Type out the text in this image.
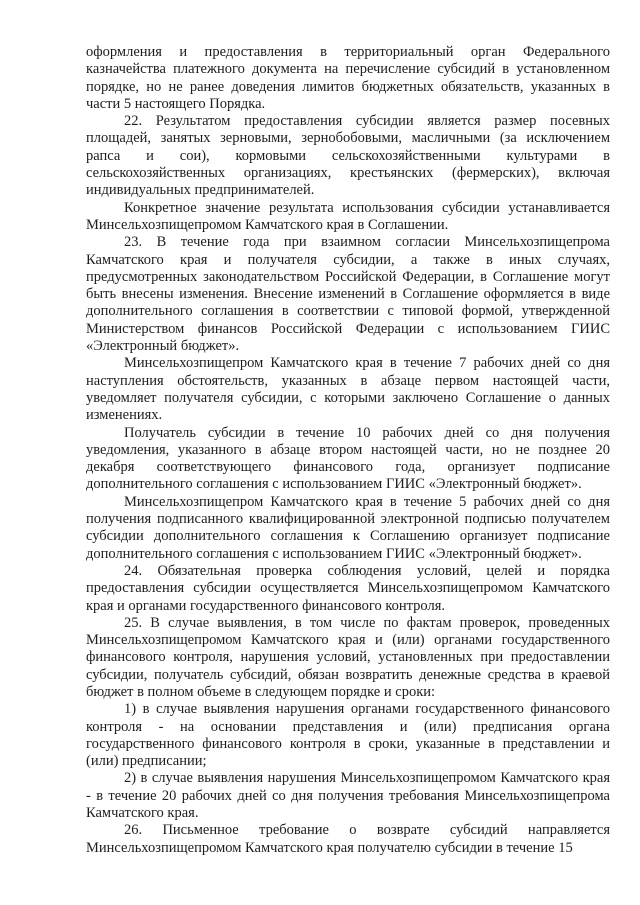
оформления и предоставления в территориальный орган Федерального казначейства платежного документа на перечисление субсидий в установленном порядке, но не ранее доведения лимитов бюджетных обязательств, указанных в части 5 настоящего Порядка.

22. Результатом предоставления субсидии является размер посевных площадей, занятых зерновыми, зернобобовыми, масличными (за исключением рапса и сои), кормовыми сельскохозяйственными культурами в сельскохозяйственных организациях, крестьянских (фермерских), включая индивидуальных предпринимателей.

Конкретное значение результата использования субсидии устанавливается Минсельхозпищепромом Камчатского края в Соглашении.

23. В течение года при взаимном согласии Минсельхозпищепрома Камчатского края и получателя субсидии, а также в иных случаях, предусмотренных законодательством Российской Федерации, в Соглашение могут быть внесены изменения. Внесение изменений в Соглашение оформляется в виде дополнительного соглашения в соответствии с типовой формой, утвержденной Министерством финансов Российской Федерации с использованием ГИИС «Электронный бюджет».

Минсельхозпищепром Камчатского края в течение 7 рабочих дней со дня наступления обстоятельств, указанных в абзаце первом настоящей части, уведомляет получателя субсидии, с которыми заключено Соглашение о данных изменениях.

Получатель субсидии в течение 10 рабочих дней со дня получения уведомления, указанного в абзаце втором настоящей части, но не позднее 20 декабря соответствующего финансового года, организует подписание дополнительного соглашения с использованием ГИИС «Электронный бюджет».

Минсельхозпищепром Камчатского края в течение 5 рабочих дней со дня получения подписанного квалифицированной электронной подписью получателем субсидии дополнительного соглашения к Соглашению организует подписание дополнительного соглашения с использованием ГИИС «Электронный бюджет».

24. Обязательная проверка соблюдения условий, целей и порядка предоставления субсидии осуществляется Минсельхозпищепромом Камчатского края и органами государственного финансового контроля.

25. В случае выявления, в том числе по фактам проверок, проведенных Минсельхозпищепромом Камчатского края и (или) органами государственного финансового контроля, нарушения условий, установленных при предоставлении субсидии, получатель субсидий, обязан возвратить денежные средства в краевой бюджет в полном объеме в следующем порядке и сроки:

1) в случае выявления нарушения органами государственного финансового контроля - на основании представления и (или) предписания органа государственного финансового контроля в сроки, указанные в представлении и (или) предписании;

2) в случае выявления нарушения Минсельхозпищепромом Камчатского края - в течение 20 рабочих дней со дня получения требования Минсельхозпищепрома Камчатского края.

26. Письменное требование о возврате субсидий направляется Минсельхозпищепромом Камчатского края получателю субсидии в течение 15
